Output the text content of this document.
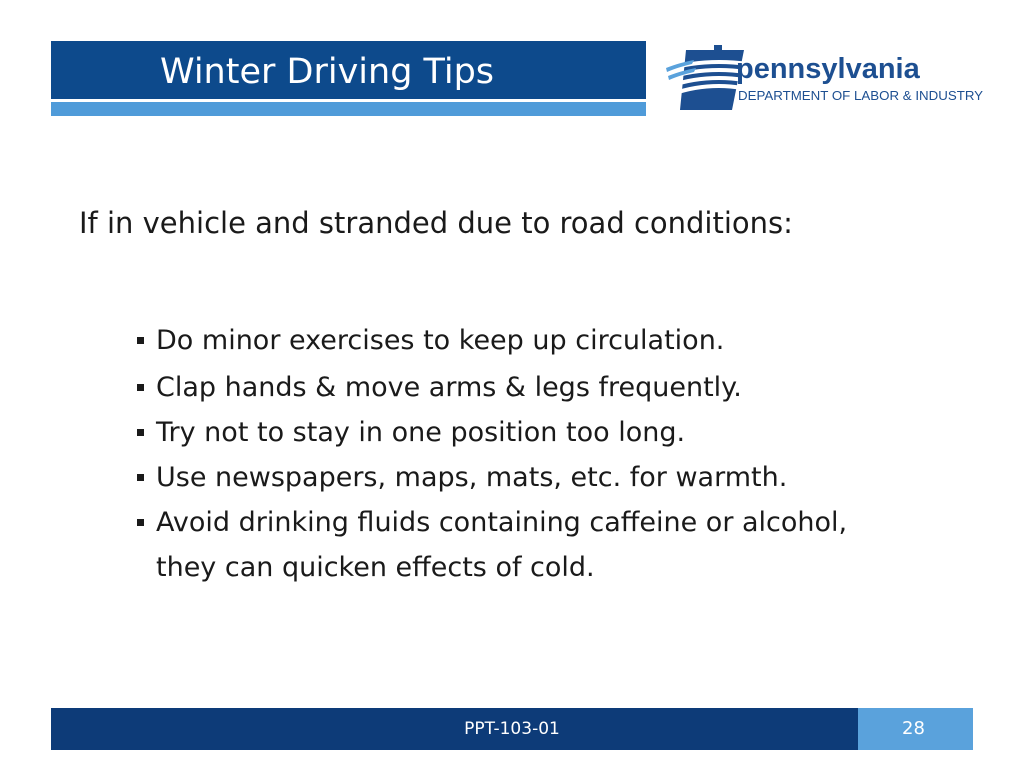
Winter Driving Tips	pennsylvania
DEPARTMENT OF LABOR & INDUSTRY
If in vehicle and stranded due to road conditions:
Do minor exercises to keep up circulation.
Clap hands & move arms & legs frequently.
Try not to stay in one position too long.
Use newspapers, maps, mats, etc. for warmth.
Avoid drinking fluids containing caffeine or alcohol, they can quicken effects of cold.
PPT-103-01	28
